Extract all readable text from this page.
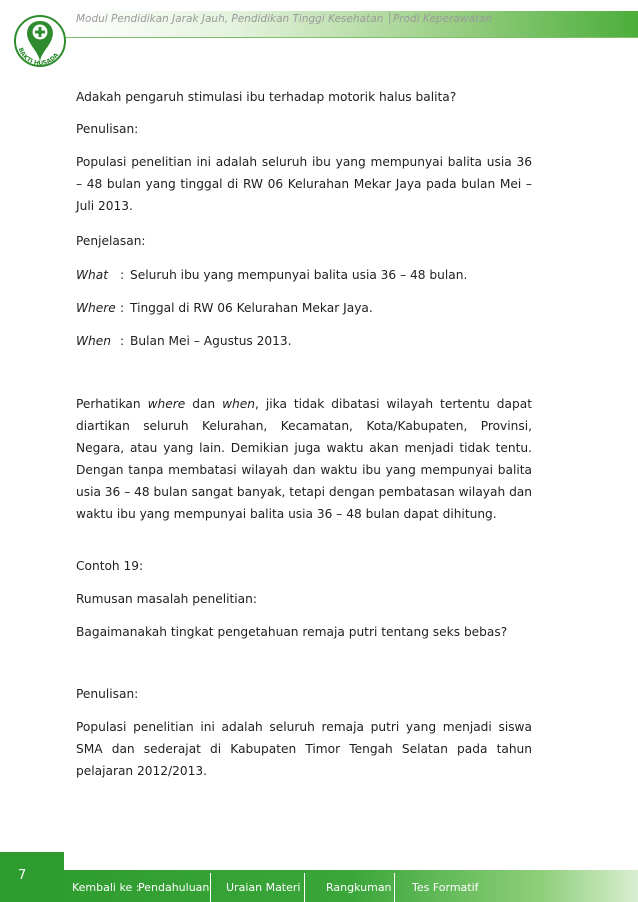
Modul Pendidikan Jarak Jauh, Pendidikan Tinggi Kesehatan │Prodi Keperawatan
BAKTI HUSADA
Adakah pengaruh stimulasi ibu terhadap motorik halus balita?
Penulisan:
Populasi penelitian ini adalah seluruh ibu yang mempunyai balita usia 36 – 48 bulan yang tinggal di RW 06 Kelurahan Mekar Jaya pada bulan Mei – Juli 2013.
Penjelasan:
What : Seluruh ibu yang mempunyai balita usia 36 – 48 bulan.
Where : Tinggal di RW 06 Kelurahan Mekar Jaya.
When : Bulan Mei – Agustus 2013.
Perhatikan where dan when, jika tidak dibatasi wilayah tertentu dapat diartikan seluruh Kelurahan, Kecamatan, Kota/Kabupaten, Provinsi, Negara, atau yang lain. Demikian juga waktu akan menjadi tidak tentu. Dengan tanpa membatasi wilayah dan waktu ibu yang mempunyai balita usia 36 – 48 bulan sangat banyak, tetapi dengan pembatasan wilayah dan waktu ibu yang mempunyai balita usia 36 – 48 bulan dapat dihitung.
Contoh 19:
Rumusan masalah penelitian:
Bagaimanakah tingkat pengetahuan remaja putri tentang seks bebas?
Penulisan:
Populasi penelitian ini adalah seluruh remaja putri yang menjadi siswa SMA dan sederajat di Kabupaten Timor Tengah Selatan pada tahun pelajaran 2012/2013.
7
Kembali ke :
Pendahuluan Uraian Materi Rangkuman Tes Formatif
